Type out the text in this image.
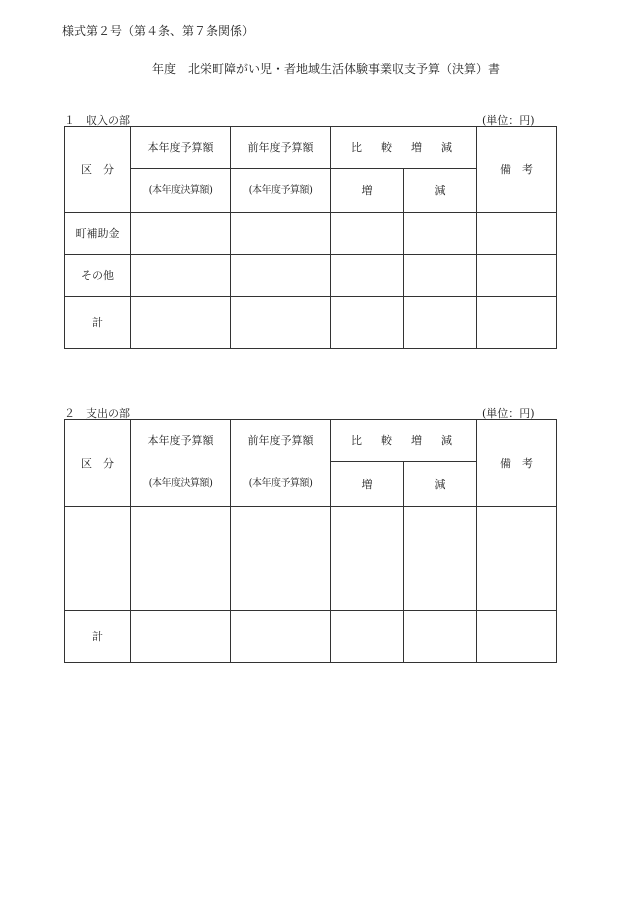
様式第２号（第４条、第７条関係）
年度　北栄町障がい児・者地域生活体験事業収支予算（決算）書
１　収入の部	(単位：円)
区　分	本年度予算額	前年度予算額	比　較　増　減		備　考

	(本年度決算額)	(本年度予算額)	増	減	

町補助金					

その他					

計					

２　支出の部	(単位：円)
区　分	本年度予算額	前年度予算額	比　較　増　減		備　考

	(本年度決算額)	(本年度予算額)	増	減	

計					
